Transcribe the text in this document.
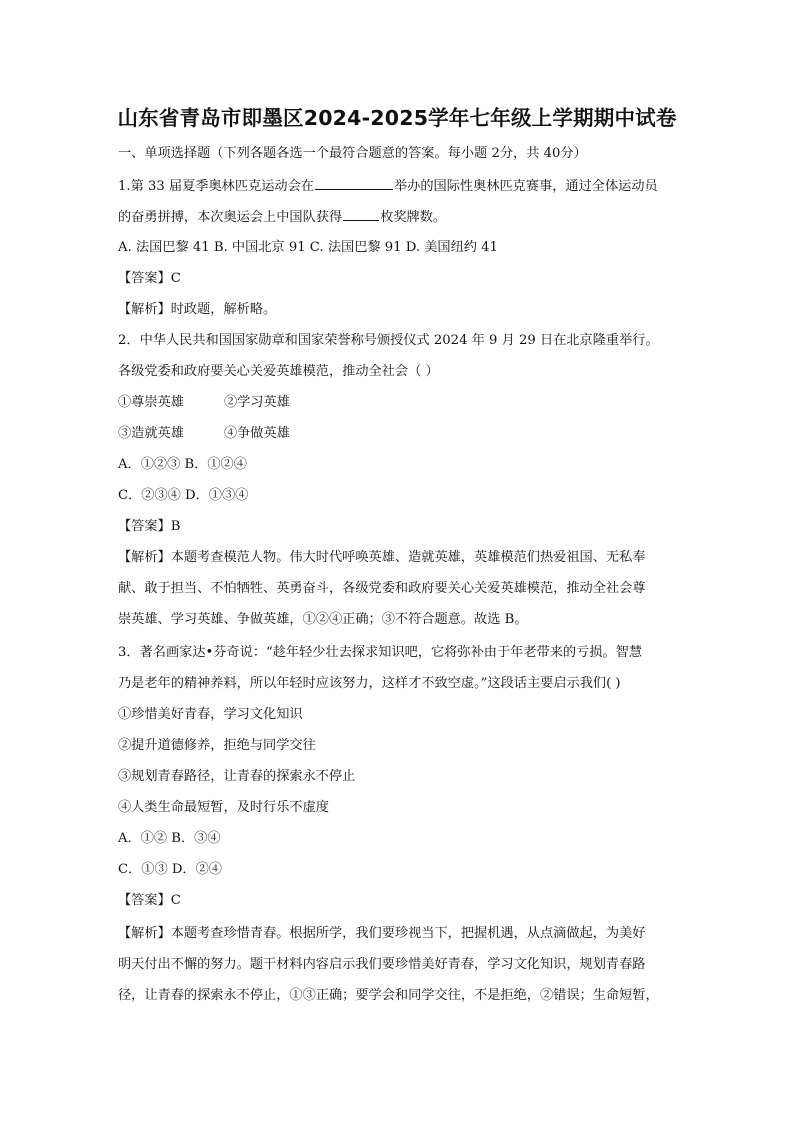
山东省青岛市即墨区2024-2025学年七年级上学期期中试卷
一、单项选择题（下列各题各选一个最符合题意的答案。每小题 2分，共 40分）
1.第 33 届夏季奥林匹克运动会在	举办的国际性奥林匹克赛事，通过全体运动员
的奋勇拼搏，本次奥运会上中国队获得	枚奖牌数。
A. 法国巴黎 41 B. 中国北京 91 C. 法国巴黎 91 D. 美国纽约 41
【答案】C
【解析】时政题，解析略。
2．中华人民共和国国家勋章和国家荣誉称号颁授仪式 2024 年 9 月 29 日在北京隆重举行。
各级党委和政府要关心关爱英雄模范，推动全社会（ ）
①尊崇英雄	②学习英雄
③造就英雄	④争做英雄
A．①②③ B．①②④
C．②③④ D．①③④
【答案】B
【解析】本题考查模范人物。伟大时代呼唤英雄、造就英雄，英雄模范们热爱祖国、无私奉
献、敢于担当、不怕牺牲、英勇奋斗，各级党委和政府要关心关爱英雄模范，推动全社会尊
崇英雄、学习英雄、争做英雄，①②④正确；③不符合题意。故选 B。
3．著名画家达•芬奇说：“趁年轻少壮去探求知识吧，它将弥补由于年老带来的亏损。智慧
乃是老年的精神养料，所以年轻时应该努力，这样才不致空虚。”这段话主要启示我们( )
①珍惜美好青春，学习文化知识
②提升道德修养，拒绝与同学交往
③规划青春路径，让青春的探索永不停止
④人类生命最短暂，及时行乐不虚度
A．①② B．③④
C．①③ D．②④
【答案】C
【解析】本题考查珍惜青春。根据所学，我们要珍视当下，把握机遇，从点滴做起，为美好
明天付出不懈的努力。题干材料内容启示我们要珍惜美好青春，学习文化知识，规划青春路
径，让青春的探索永不停止，①③正确；要学会和同学交往，不是拒绝，②错误；生命短暂，
